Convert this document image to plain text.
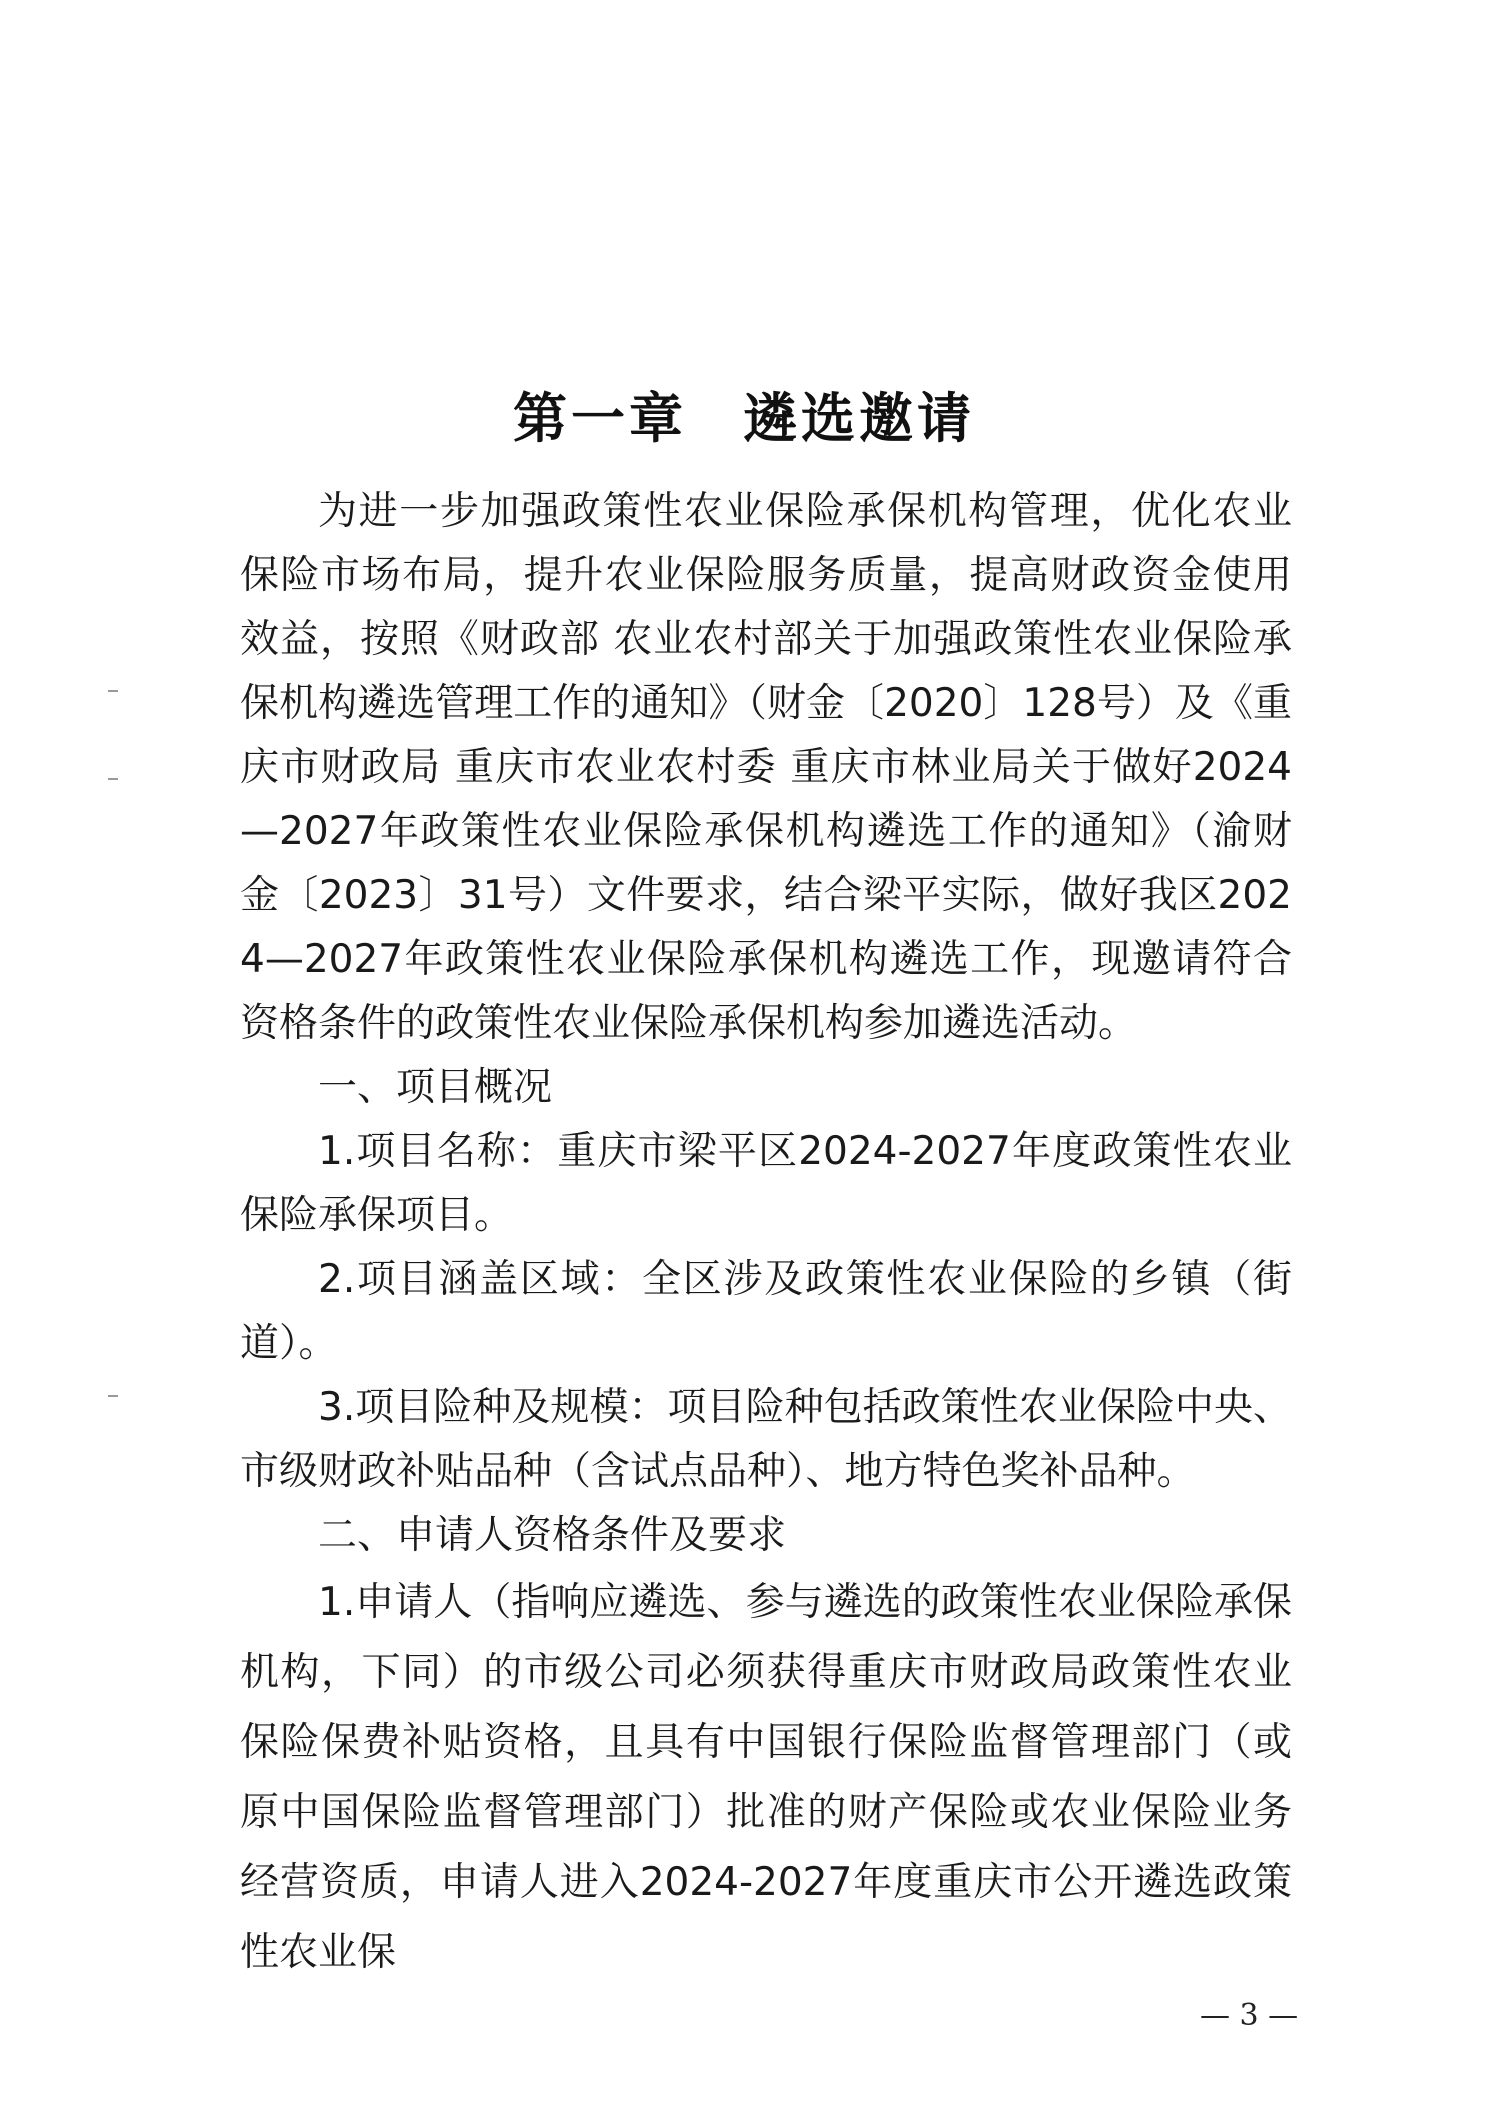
第一章 遴选邀请

为进一步加强政策性农业保险承保机构管理，优化农业保险市场布局，提升农业保险服务质量，提高财政资金使用效益，按照《财政部 农业农村部关于加强政策性农业保险承保机构遴选管理工作的通知》（财金〔2020〕128号）及《重庆市财政局 重庆市农业农村委 重庆市林业局关于做好2024—2027年政策性农业保险承保机构遴选工作的通知》（渝财金〔2023〕31号）文件要求，结合梁平实际，做好我区2024—2027年政策性农业保险承保机构遴选工作，现邀请符合资格条件的政策性农业保险承保机构参加遴选活动。

一、项目概况

1.项目名称：重庆市梁平区2024-2027年度政策性农业保险承保项目。

2.项目涵盖区域：全区涉及政策性农业保险的乡镇（街道）。

3.项目险种及规模：项目险种包括政策性农业保险中央、市级财政补贴品种（含试点品种）、地方特色奖补品种。

二、申请人资格条件及要求

1.申请人（指响应遴选、参与遴选的政策性农业保险承保机构，下同）的市级公司必须获得重庆市财政局政策性农业保险保费补贴资格，且具有中国银行保险监督管理部门（或原中国保险监督管理部门）批准的财产保险或农业保险业务经营资质，申请人进入2024-2027年度重庆市公开遴选政策性农业保

— 3 —
